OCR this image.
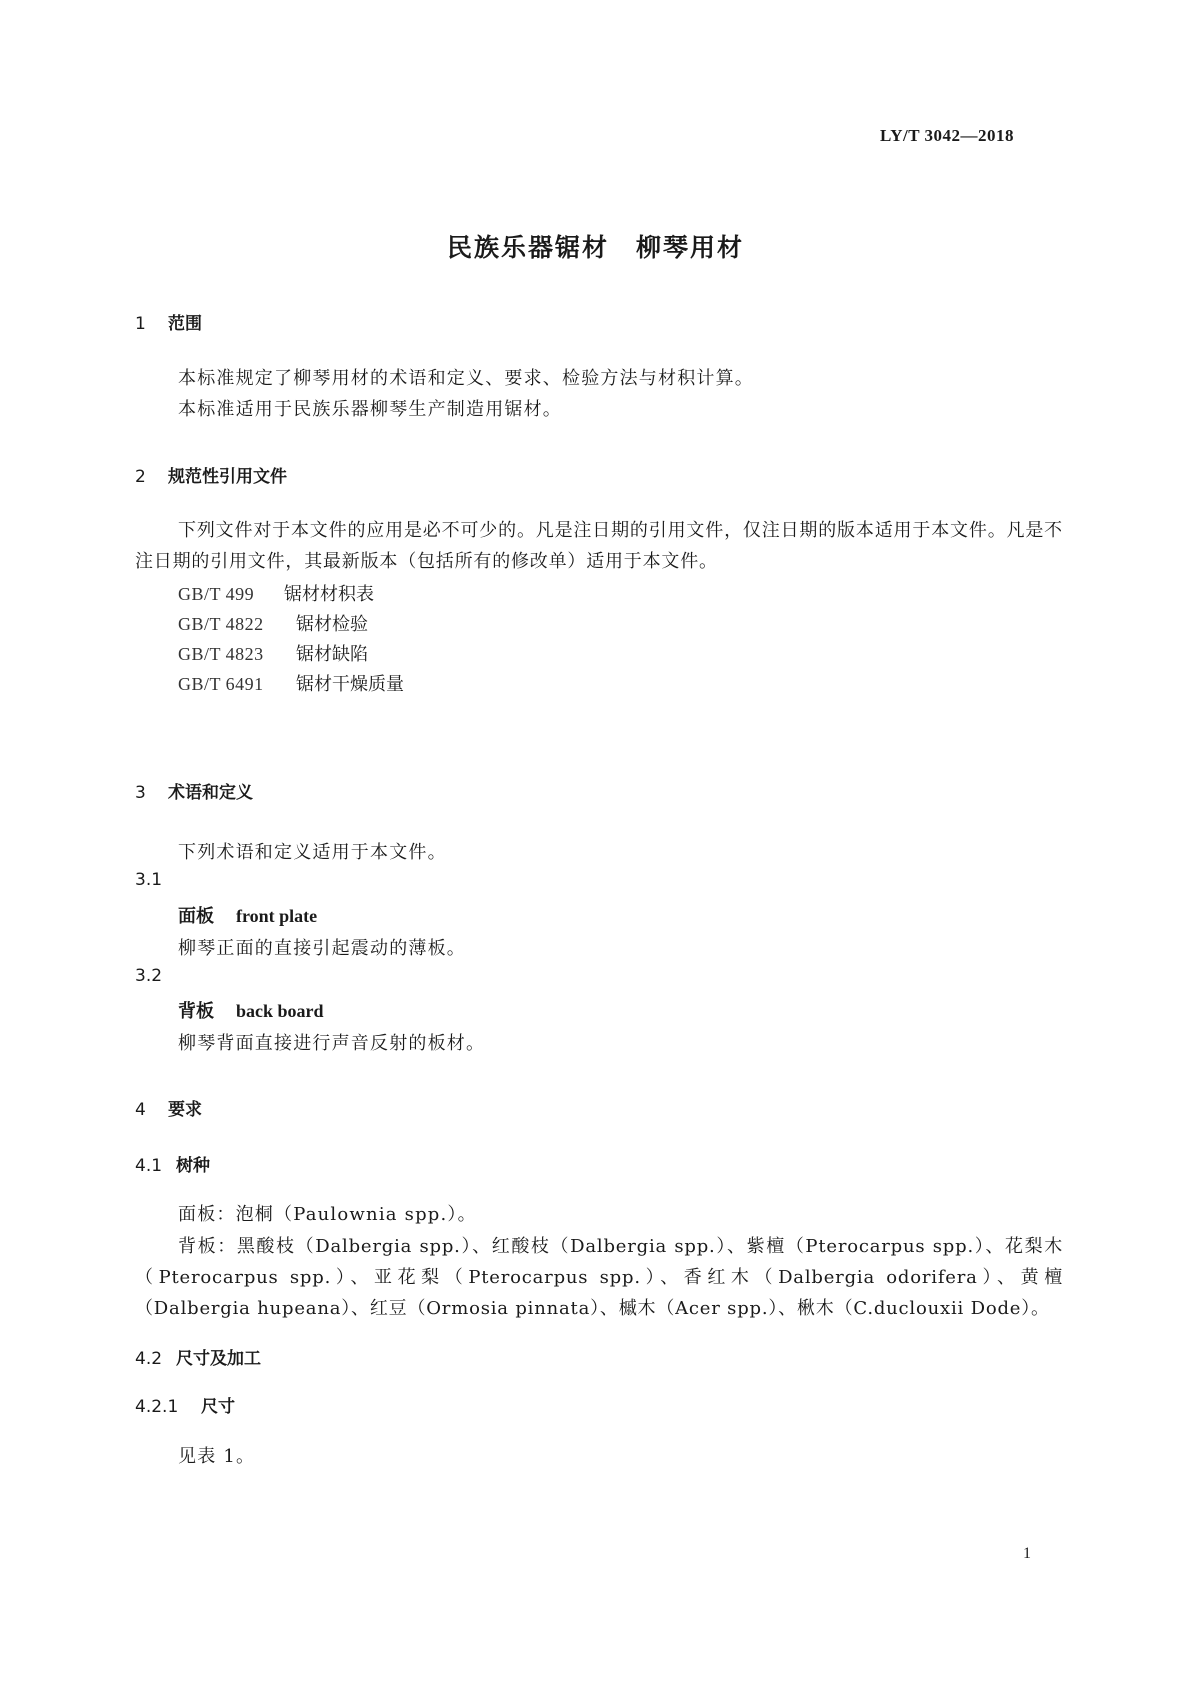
LY/T 3042—2018
民族乐器锯材　柳琴用材
1 范围
本标准规定了柳琴用材的术语和定义、要求、检验方法与材积计算。
本标准适用于民族乐器柳琴生产制造用锯材。
2 规范性引用文件
下列文件对于本文件的应用是必不可少的。凡是注日期的引用文件，仅注日期的版本适用于本文件。凡是不注日期的引用文件，其最新版本（包括所有的修改单）适用于本文件。
GB/T 499 锯材材积表
GB/T 4822 锯材检验
GB/T 4823 锯材缺陷
GB/T 6491 锯材干燥质量
3 术语和定义
下列术语和定义适用于本文件。
3.1
面板 front plate
柳琴正面的直接引起震动的薄板。
3.2
背板 back board
柳琴背面直接进行声音反射的板材。
4 要求
4.1 树种
面板：泡桐（Paulownia spp.）。
背板：黑酸枝（Dalbergia spp.）、红酸枝（Dalbergia spp.）、紫檀（Pterocarpus spp.）、花梨木（Pterocarpus spp.）、亚花梨（Pterocarpus spp.）、香红木（Dalbergia odorifera）、黄檀（Dalbergia hupeana）、红豆（Ormosia pinnata）、槭木（Acer spp.）、楸木（C.duclouxii Dode）。
4.2 尺寸及加工
4.2.1 尺寸
见表 1。
1
